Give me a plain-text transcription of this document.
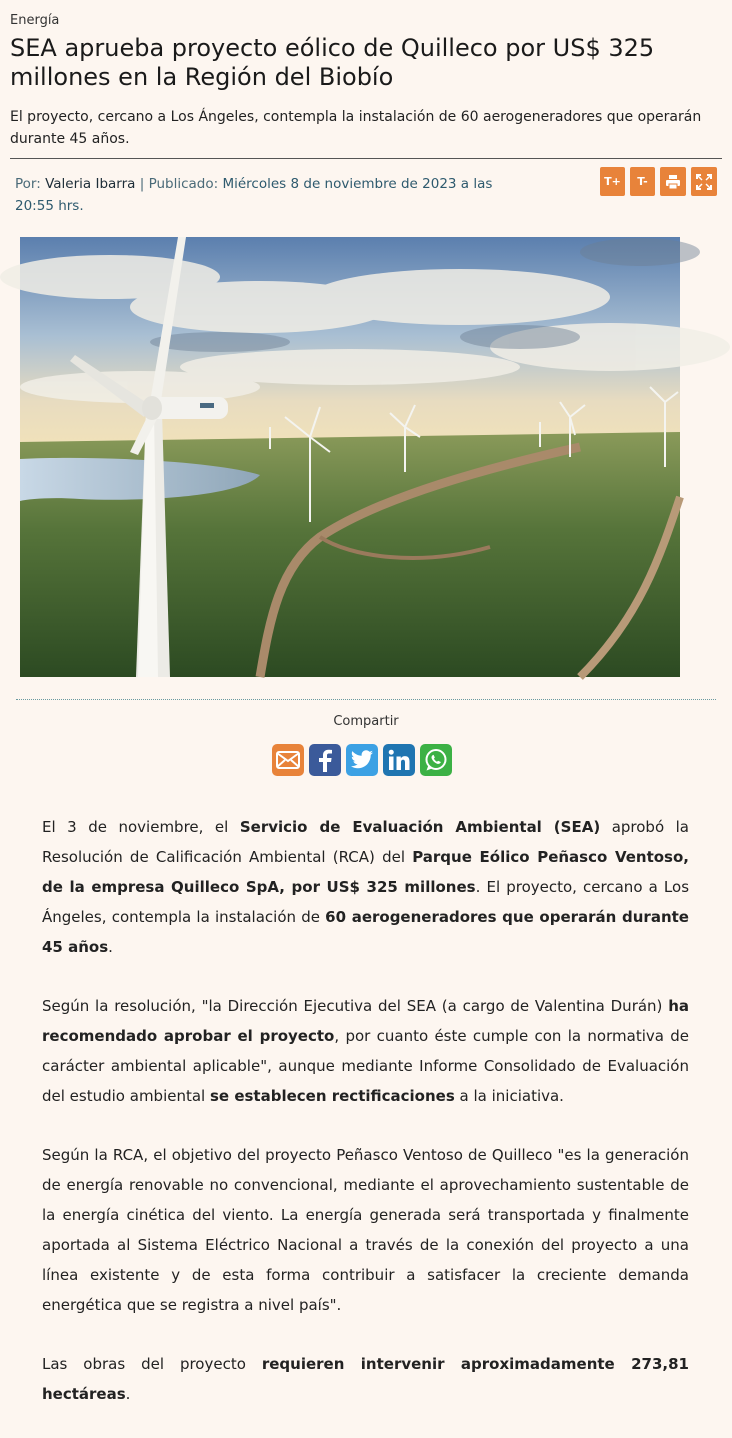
Energía
SEA aprueba proyecto eólico de Quilleco por US$ 325 millones en la Región del Biobío

El proyecto, cercano a Los Ángeles, contempla la instalación de 60 aerogeneradores que operarán durante 45 años.

Por: Valeria Ibarra | Publicado: Miércoles 8 de noviembre de 2023 a las 20:55 hrs.
T+	T-
Compartir

El 3 de noviembre, el Servicio de Evaluación Ambiental (SEA) aprobó la Resolución de Calificación Ambiental (RCA) del Parque Eólico Peñasco Ventoso, de la empresa Quilleco SpA, por US$ 325 millones. El proyecto, cercano a Los Ángeles, contempla la instalación de 60 aerogeneradores que operarán durante 45 años.

Según la resolución, "la Dirección Ejecutiva del SEA (a cargo de Valentina Durán) ha recomendado aprobar el proyecto, por cuanto éste cumple con la normativa de carácter ambiental aplicable", aunque mediante Informe Consolidado de Evaluación del estudio ambiental se establecen rectificaciones a la iniciativa.

Según la RCA, el objetivo del proyecto Peñasco Ventoso de Quilleco "es la generación de energía renovable no convencional, mediante el aprovechamiento sustentable de la energía cinética del viento. La energía generada será transportada y finalmente aportada al Sistema Eléctrico Nacional a través de la conexión del proyecto a una línea existente y de esta forma contribuir a satisfacer la creciente demanda energética que se registra a nivel país".

Las obras del proyecto requieren intervenir aproximadamente 273,81 hectáreas.
